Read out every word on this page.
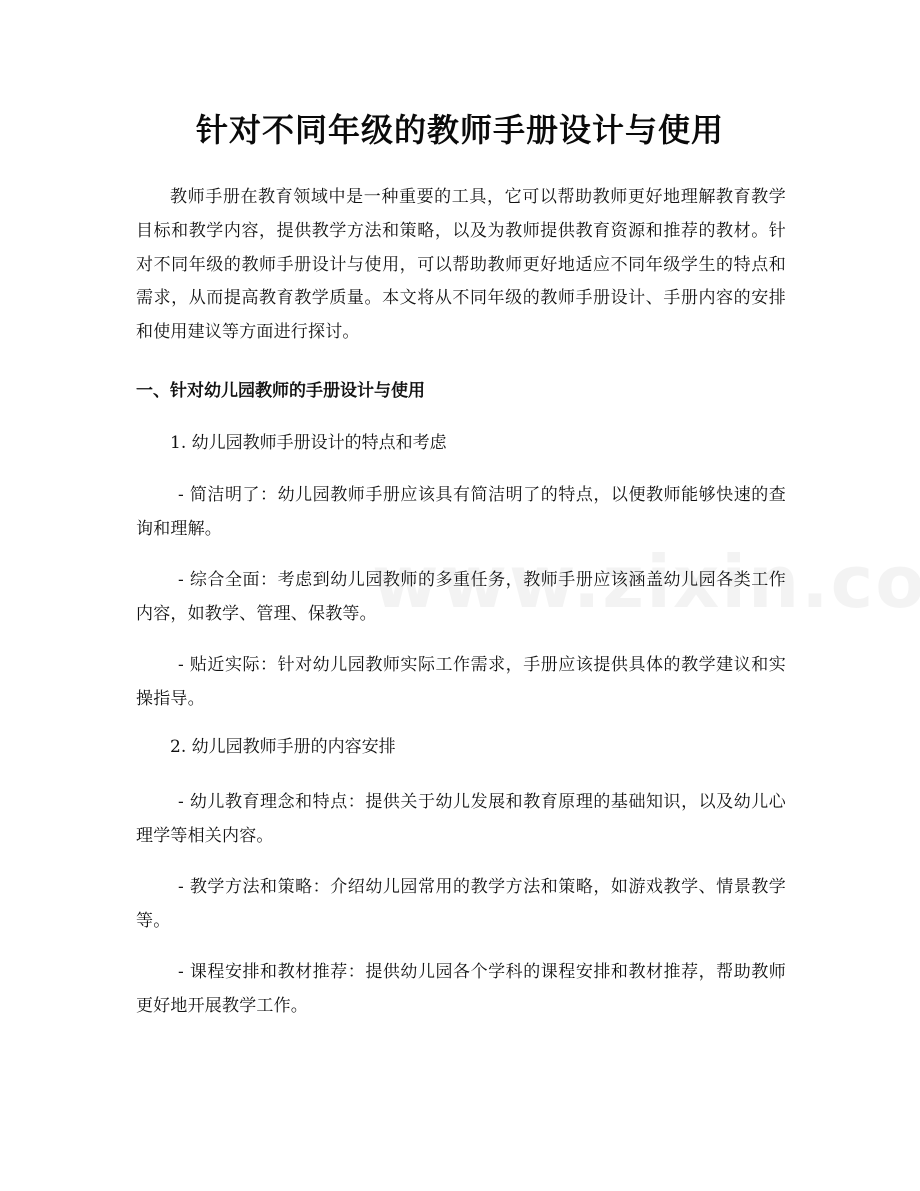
针对不同年级的教师手册设计与使用

教师手册在教育领域中是一种重要的工具，它可以帮助教师更好地理解教育教学目标和教学内容，提供教学方法和策略，以及为教师提供教育资源和推荐的教材。针对不同年级的教师手册设计与使用，可以帮助教师更好地适应不同年级学生的特点和需求，从而提高教育教学质量。本文将从不同年级的教师手册设计、手册内容的安排和使用建议等方面进行探讨。

一、针对幼儿园教师的手册设计与使用
1. 幼儿园教师手册设计的特点和考虑

- 简洁明了：幼儿园教师手册应该具有简洁明了的特点，以便教师能够快速的查询和理解。

- 综合全面：考虑到幼儿园教师的多重任务，教师手册应该涵盖幼儿园各类工作内容，如教学、管理、保教等。

- 贴近实际：针对幼儿园教师实际工作需求，手册应该提供具体的教学建议和实操指导。

2. 幼儿园教师手册的内容安排

- 幼儿教育理念和特点：提供关于幼儿发展和教育原理的基础知识，以及幼儿心理学等相关内容。

- 教学方法和策略：介绍幼儿园常用的教学方法和策略，如游戏教学、情景教学等。

- 课程安排和教材推荐：提供幼儿园各个学科的课程安排和教材推荐，帮助教师更好地开展教学工作。
